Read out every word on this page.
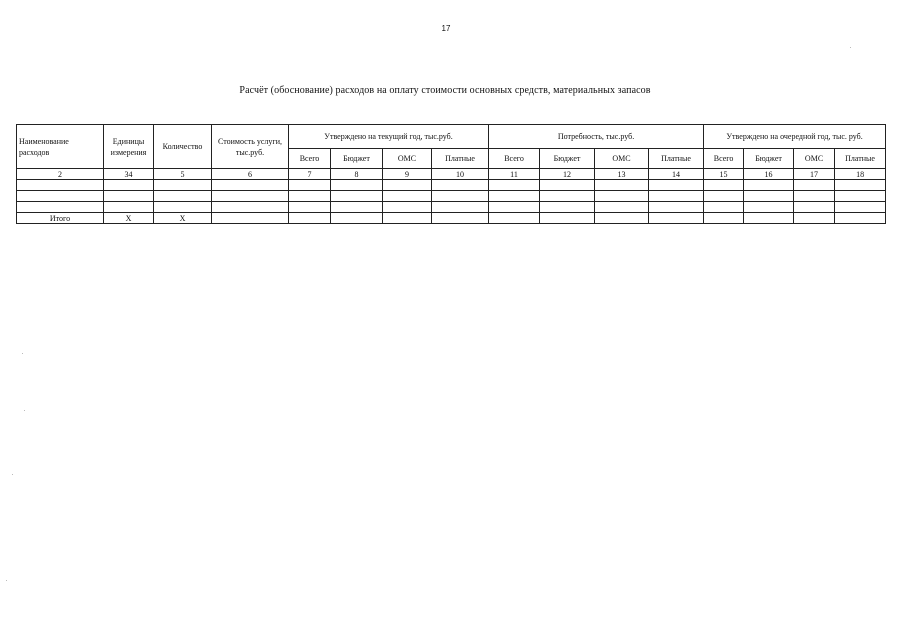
17
Расчёт (обоснование) расходов на оплату стоимости основных средств, материальных запасов
Наименование расходов	Единицы измерения	Количество	Стоимость услуги, тыс.руб.	Утверждено на текущий год, тыс.руб.				Потребность, тыс.руб.				Утверждено на очередной год, тыс. руб.			
				Всего	Бюджет	ОМС	Платные	Всего	Бюджет	ОМС	Платные	Всего	Бюджет	ОМС	Платные
2	34	5	6	7	8	9	10	11	12	13	14	15	16	17	18

Итого	X	X													
